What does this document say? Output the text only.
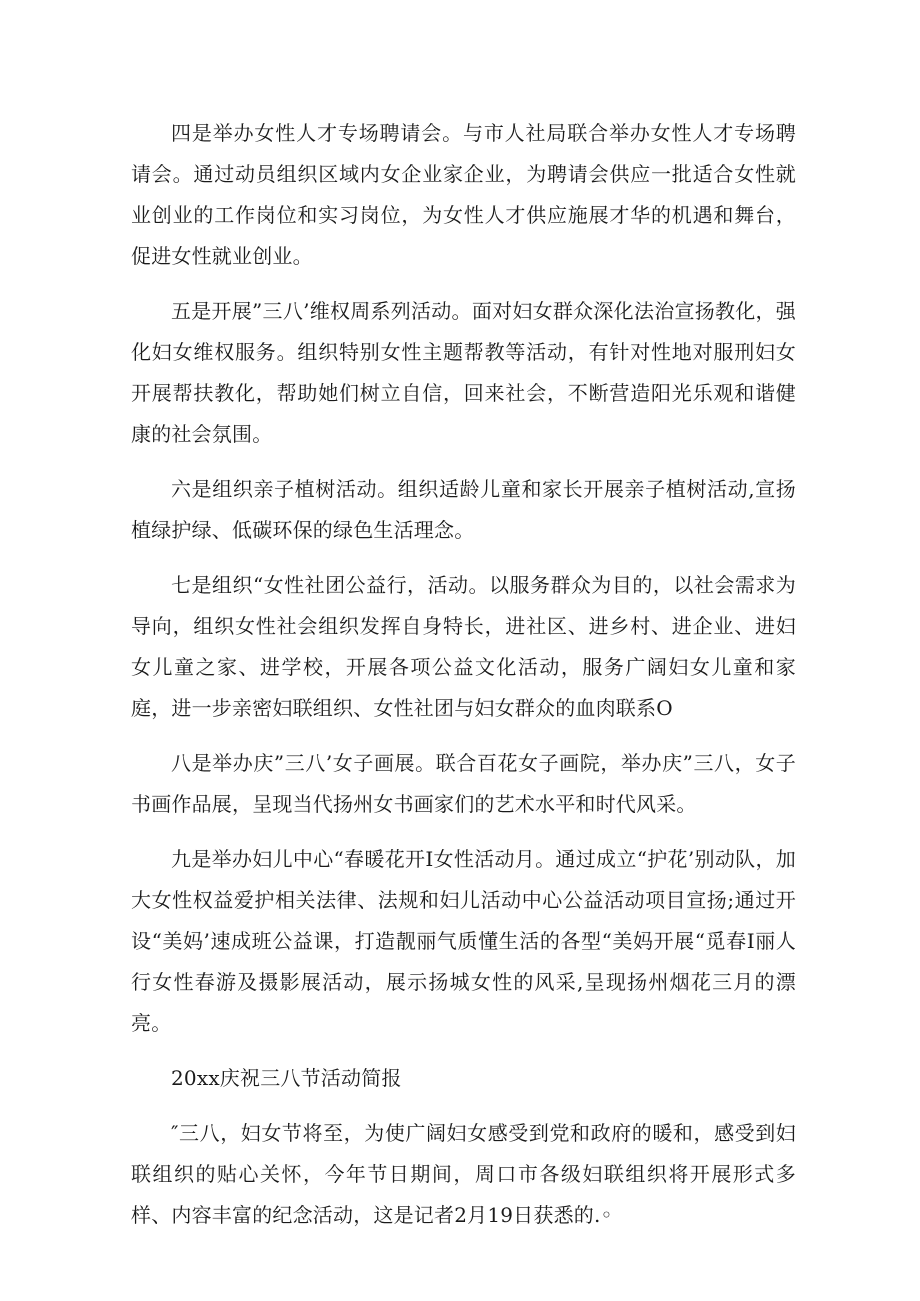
四是举办女性人才专场聘请会。与市人社局联合举办女性人才专场聘请会。通过动员组织区域内女企业家企业，为聘请会供应一批适合女性就业创业的工作岗位和实习岗位，为女性人才供应施展才华的机遇和舞台，促进女性就业创业。

五是开展”三八’维权周系列活动。面对妇女群众深化法治宣扬教化，强化妇女维权服务。组织特别女性主题帮教等活动，有针对性地对服刑妇女开展帮扶教化，帮助她们树立自信，回来社会，不断营造阳光乐观和谐健康的社会氛围。

六是组织亲子植树活动。组织适龄儿童和家长开展亲子植树活动,宣扬植绿护绿、低碳环保的绿色生活理念。

七是组织“女性社团公益行，活动。以服务群众为目的，以社会需求为导向，组织女性社会组织发挥自身特长，进社区、进乡村、进企业、进妇女儿童之家、进学校，开展各项公益文化活动，服务广阔妇女儿童和家庭，进一步亲密妇联组织、女性社团与妇女群众的血肉联系O

八是举办庆”三八’女子画展。联合百花女子画院，举办庆”三八，女子书画作品展，呈现当代扬州女书画家们的艺术水平和时代风采。

九是举办妇儿中心“春暖花开I女性活动月。通过成立“护花’别动队，加大女性权益爱护相关法律、法规和妇儿活动中心公益活动项目宣扬;通过开设“美妈’速成班公益课，打造靓丽气质懂生活的各型“美妈开展“觅春I丽人行女性春游及摄影展活动，展示扬城女性的风采,呈现扬州烟花三月的漂亮。

20xx庆祝三八节活动简报

″三八，妇女节将至，为使广阔妇女感受到党和政府的暖和，感受到妇联组织的贴心关怀，今年节日期间，周口市各级妇联组织将开展形式多样、内容丰富的纪念活动，这是记者2月19日获悉的.◦
